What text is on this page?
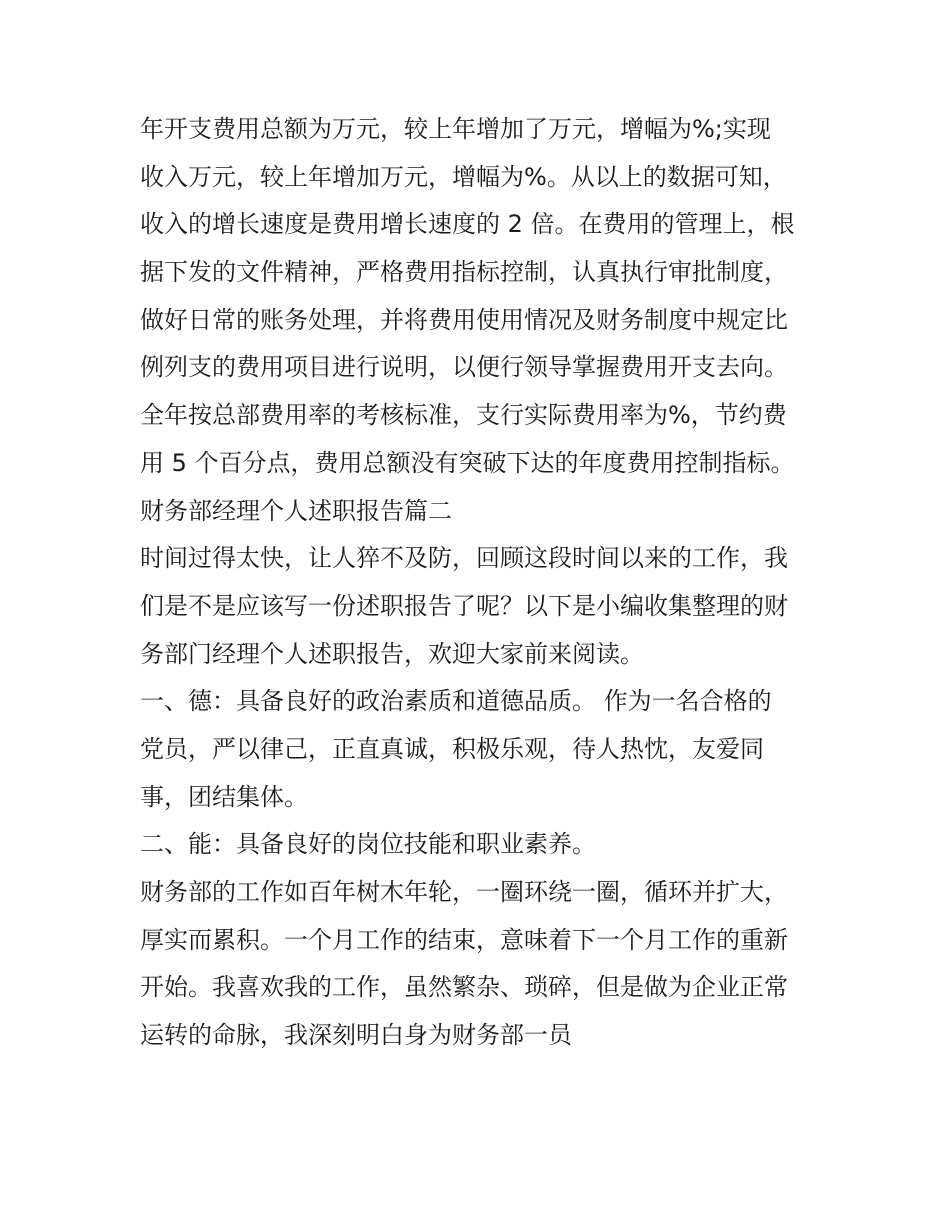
年开支费用总额为万元，较上年增加了万元，增幅为%;实现
收入万元，较上年增加万元，增幅为%。从以上的数据可知，
收入的增长速度是费用增长速度的 2 倍。在费用的管理上，根
据下发的文件精神，严格费用指标控制，认真执行审批制度，
做好日常的账务处理，并将费用使用情况及财务制度中规定比
例列支的费用项目进行说明，以便行领导掌握费用开支去向。
全年按总部费用率的考核标准，支行实际费用率为%，节约费
用 5 个百分点，费用总额没有突破下达的年度费用控制指标。
财务部经理个人述职报告篇二
时间过得太快，让人猝不及防，回顾这段时间以来的工作，我
们是不是应该写一份述职报告了呢？以下是小编收集整理的财
务部门经理个人述职报告，欢迎大家前来阅读。
一、德：具备良好的政治素质和道德品质。 作为一名合格的
党员，严以律己，正直真诚，积极乐观，待人热忱，友爱同
事，团结集体。
二、能：具备良好的岗位技能和职业素养。
财务部的工作如百年树木年轮，一圈环绕一圈，循环并扩大，
厚实而累积。一个月工作的结束，意味着下一个月工作的重新
开始。我喜欢我的工作，虽然繁杂、琐碎，但是做为企业正常
运转的命脉，我深刻明白身为财务部一员
